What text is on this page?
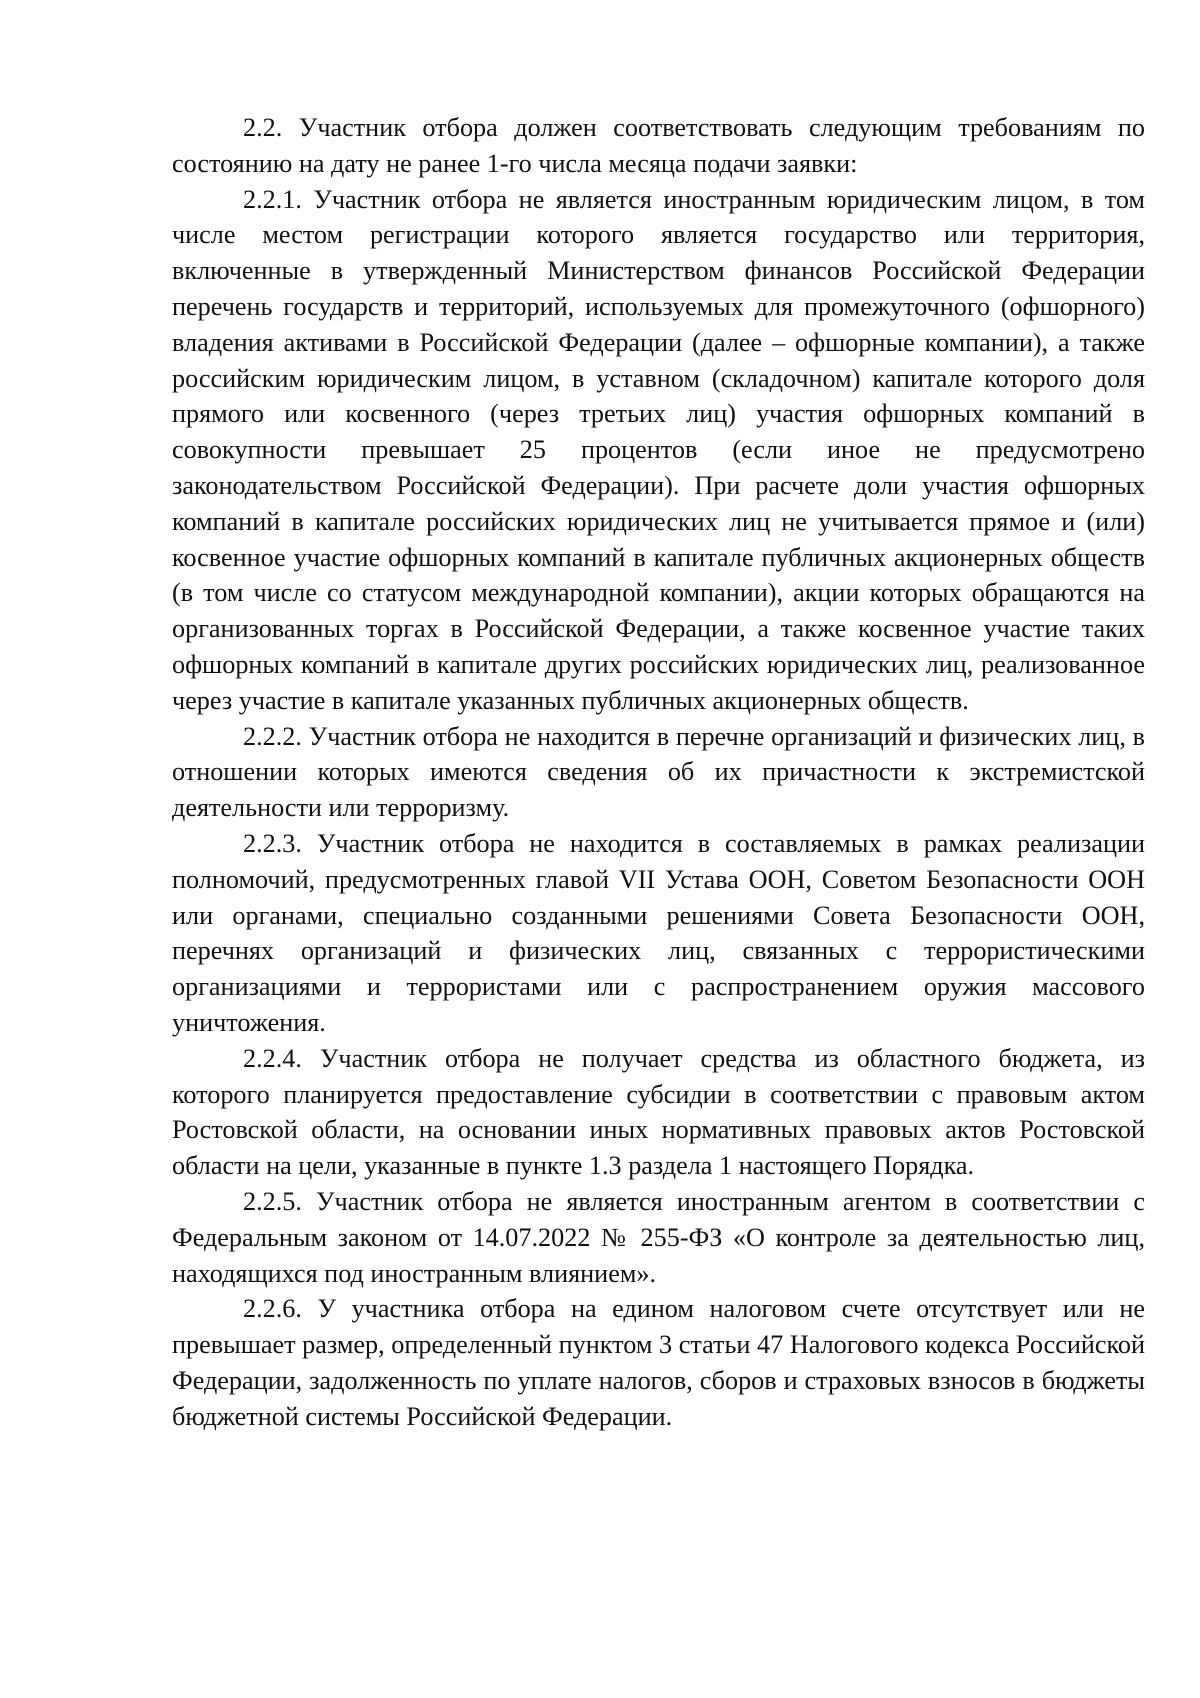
2.2. Участник отбора должен соответствовать следующим требованиям по состоянию на дату не ранее 1-го числа месяца подачи заявки:

2.2.1. Участник отбора не является иностранным юридическим лицом, в том числе местом регистрации которого является государство или территория, включенные в утвержденный Министерством финансов Российской Федерации перечень государств и территорий, используемых для промежуточного (офшорного) владения активами в Российской Федерации (далее – офшорные компании), а также российским юридическим лицом, в уставном (складочном) капитале которого доля прямого или косвенного (через третьих лиц) участия офшорных компаний в совокупности превышает 25 процентов (если иное не предусмотрено законодательством Российской Федерации). При расчете доли участия офшорных компаний в капитале российских юридических лиц не учитывается прямое и (или) косвенное участие офшорных компаний в капитале публичных акционерных обществ (в том числе со статусом международной компании), акции которых обращаются на организованных торгах в Российской Федерации, а также косвенное участие таких офшорных компаний в капитале других российских юридических лиц, реализованное через участие в капитале указанных публичных акционерных обществ.

2.2.2. Участник отбора не находится в перечне организаций и физических лиц, в отношении которых имеются сведения об их причастности к экстремистской деятельности или терроризму.

2.2.3. Участник отбора не находится в составляемых в рамках реализации полномочий, предусмотренных главой VII Устава ООН, Советом Безопасности ООН или органами, специально созданными решениями Совета Безопасности ООН, перечнях организаций и физических лиц, связанных с террористическими организациями и террористами или с распространением оружия массового уничтожения.

2.2.4. Участник отбора не получает средства из областного бюджета, из которого планируется предоставление субсидии в соответствии с правовым актом Ростовской области, на основании иных нормативных правовых актов Ростовской области на цели, указанные в пункте 1.3 раздела 1 настоящего Порядка.

2.2.5. Участник отбора не является иностранным агентом в соответствии с Федеральным законом от 14.07.2022 № 255-ФЗ «О контроле за деятельностью лиц, находящихся под иностранным влиянием».

2.2.6. У участника отбора на едином налоговом счете отсутствует или не превышает размер, определенный пунктом 3 статьи 47 Налогового кодекса Российской Федерации, задолженность по уплате налогов, сборов и страховых взносов в бюджеты бюджетной системы Российской Федерации.
